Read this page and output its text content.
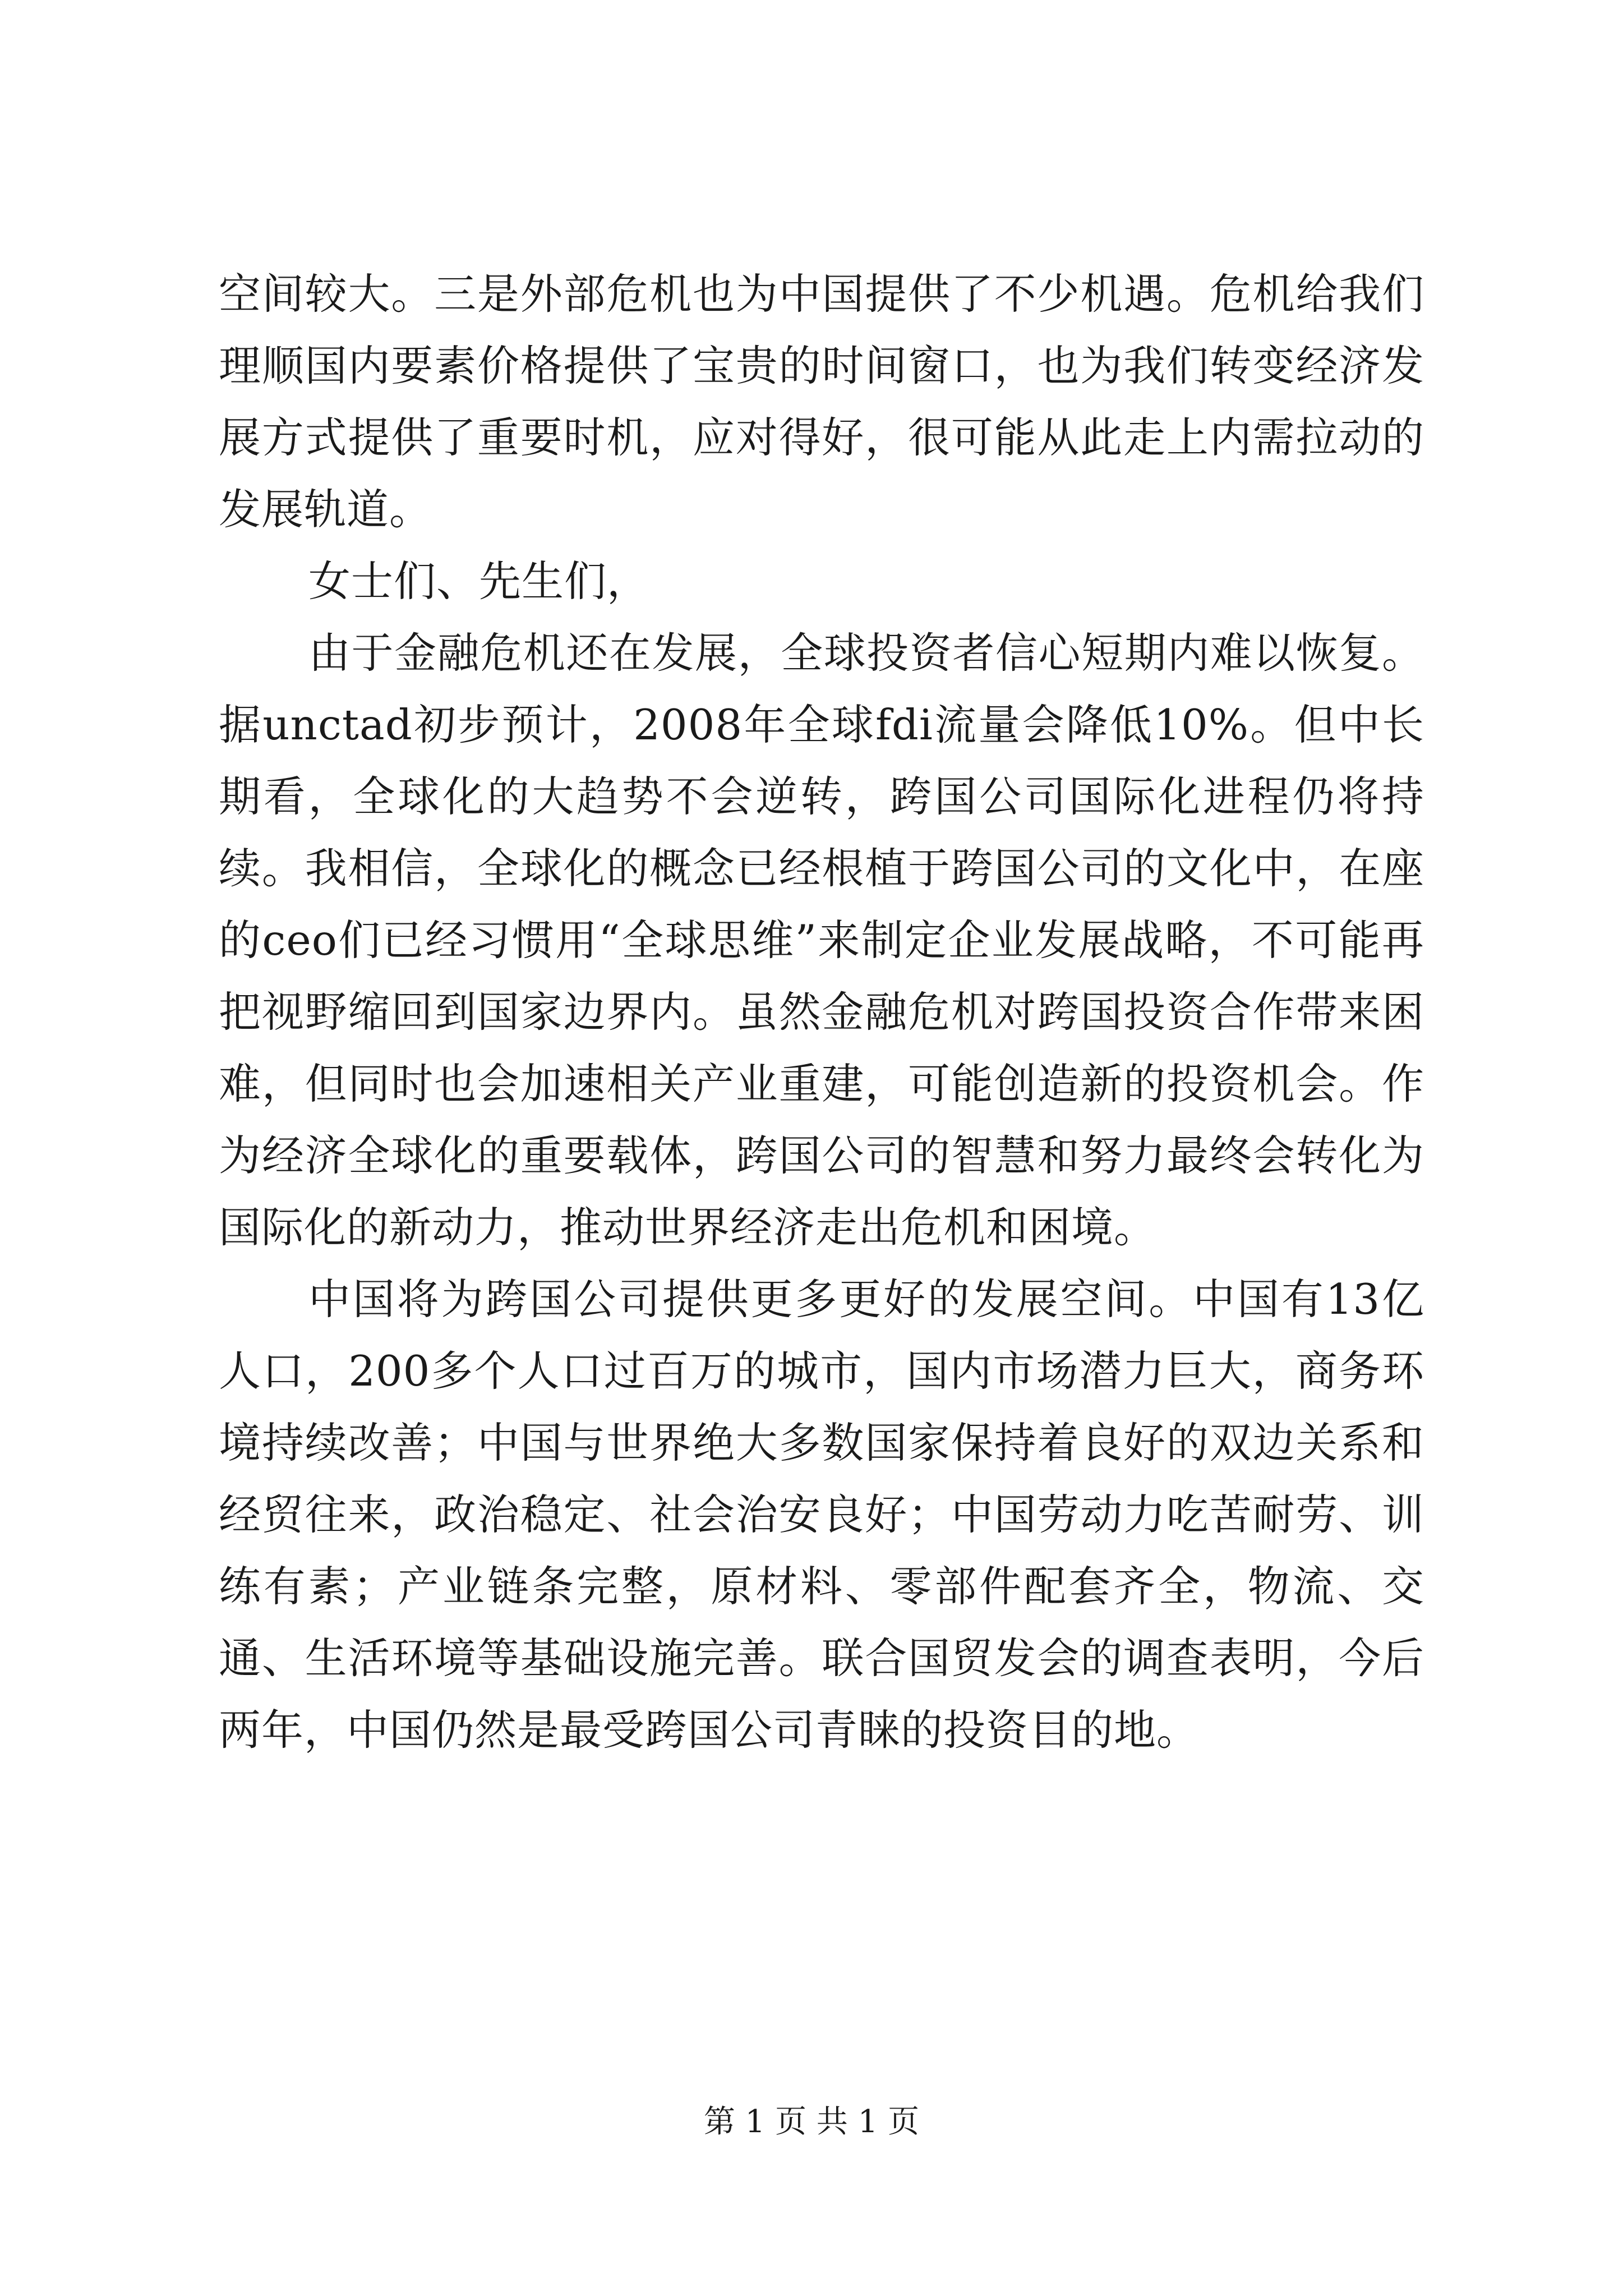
空间较大。三是外部危机也为中国提供了不少机遇。危机给我们理顺国内要素价格提供了宝贵的时间窗口，也为我们转变经济发展方式提供了重要时机，应对得好，很可能从此走上内需拉动的发展轨道。

女士们、先生们，

由于金融危机还在发展，全球投资者信心短期内难以恢复。据unctad初步预计，2008年全球fdi流量会降低10%。但中长期看，全球化的大趋势不会逆转，跨国公司国际化进程仍将持续。我相信，全球化的概念已经根植于跨国公司的文化中，在座的ceo们已经习惯用“全球思维”来制定企业发展战略，不可能再把视野缩回到国家边界内。虽然金融危机对跨国投资合作带来困难，但同时也会加速相关产业重建，可能创造新的投资机会。作为经济全球化的重要载体，跨国公司的智慧和努力最终会转化为国际化的新动力，推动世界经济走出危机和困境。

中国将为跨国公司提供更多更好的发展空间。中国有13亿人口，200多个人口过百万的城市，国内市场潜力巨大，商务环境持续改善；中国与世界绝大多数国家保持着良好的双边关系和经贸往来，政治稳定、社会治安良好；中国劳动力吃苦耐劳、训练有素；产业链条完整，原材料、零部件配套齐全，物流、交通、生活环境等基础设施完善。联合国贸发会的调查表明，今后两年，中国仍然是最受跨国公司青睐的投资目的地。

第 1 页 共 1 页
